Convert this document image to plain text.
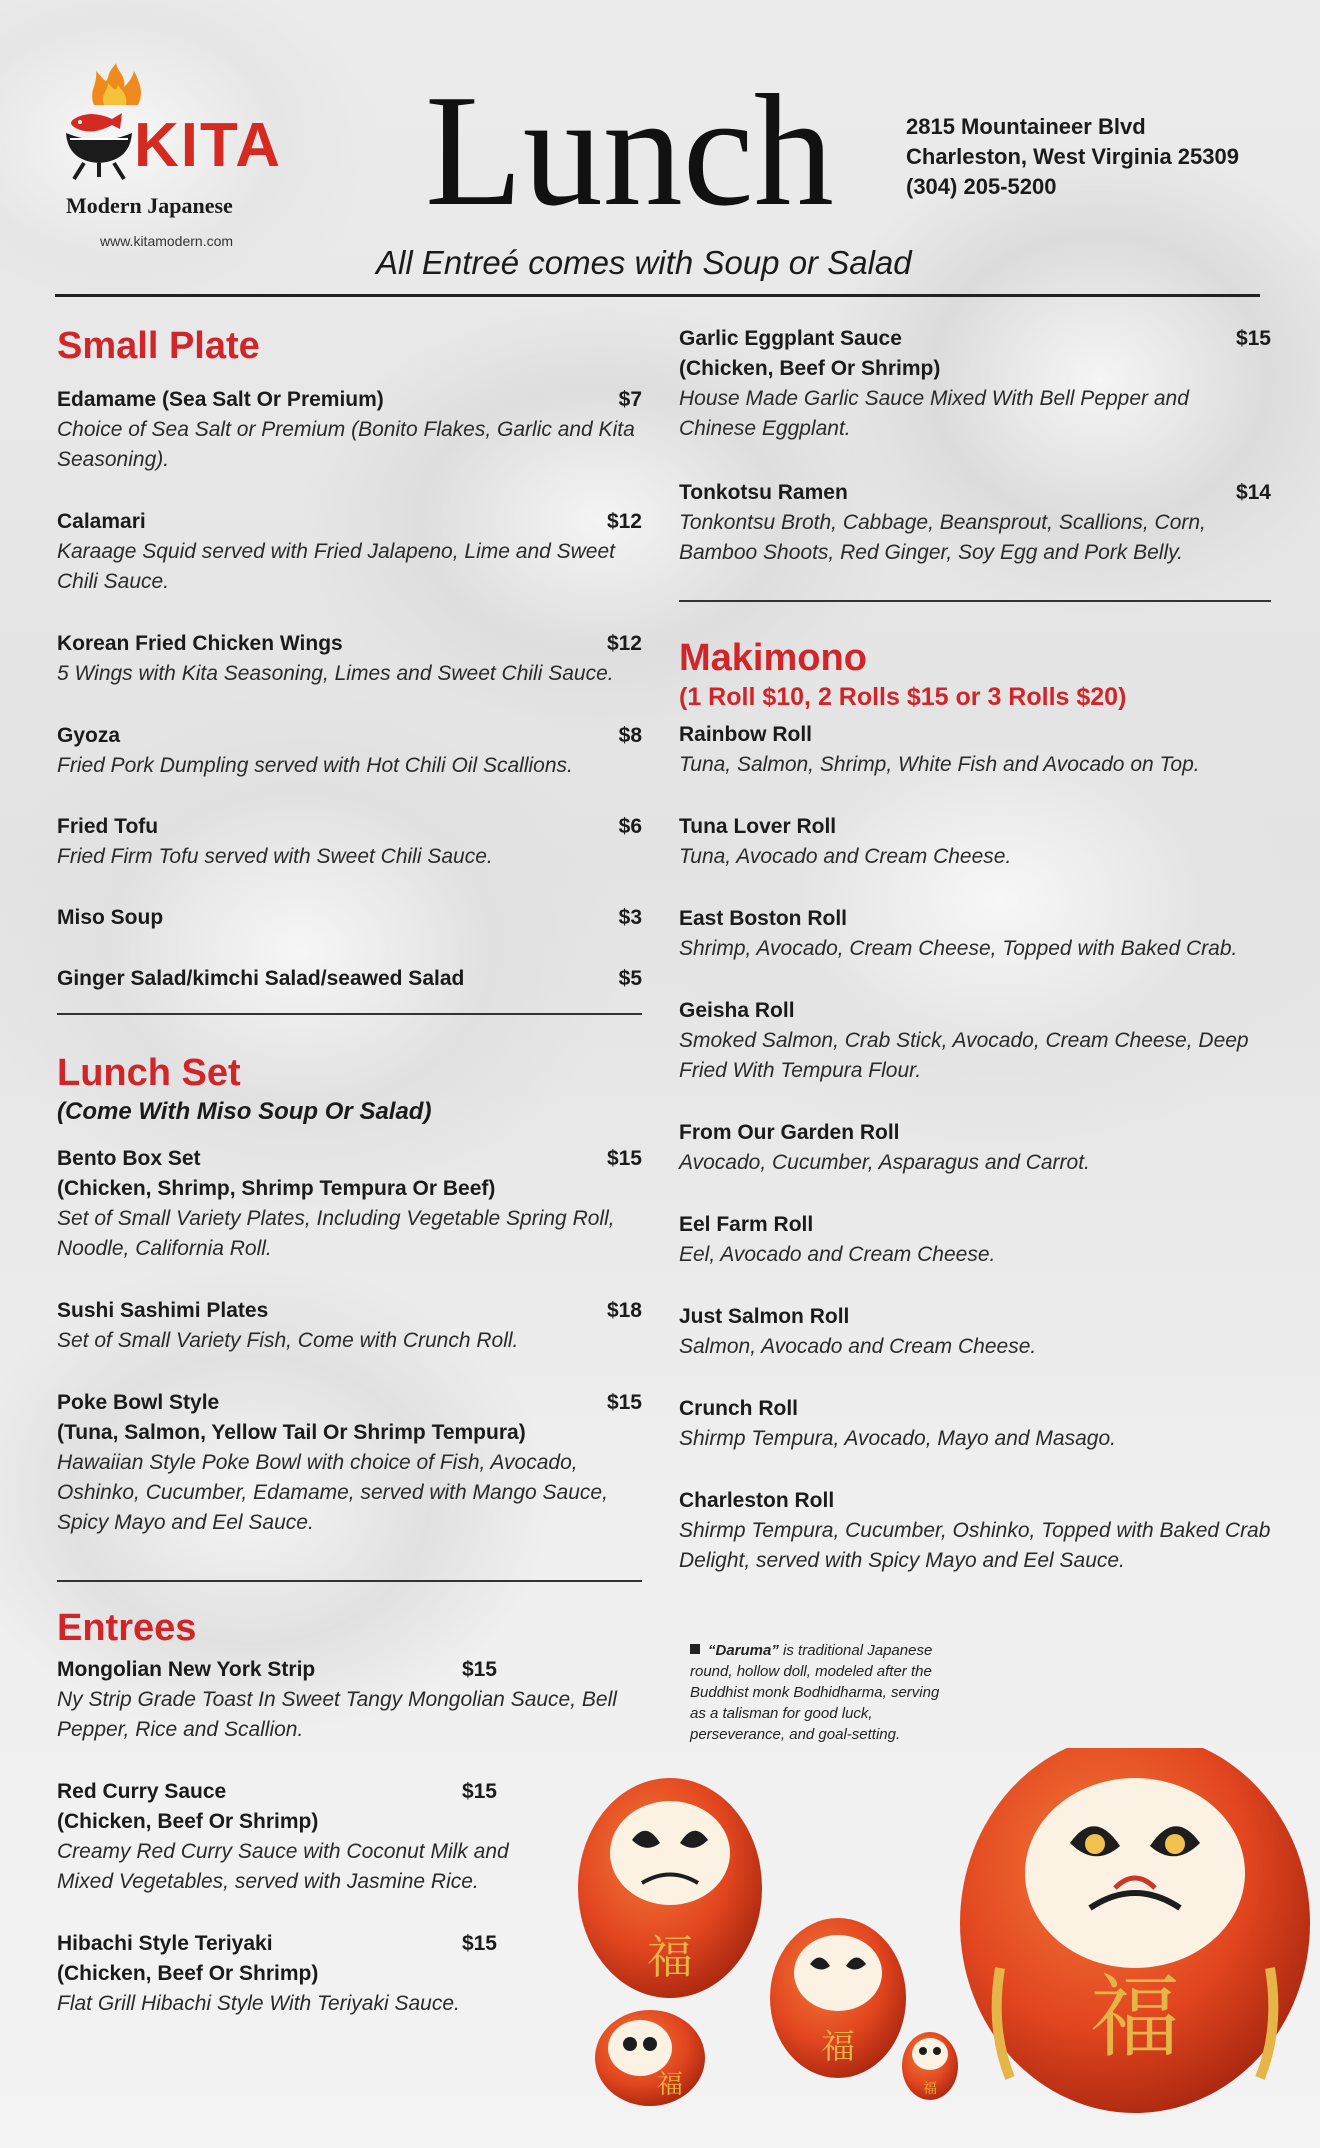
KITA
Modern Japanese
www.kitamodern.com
Lunch	2815 Mountaineer Blvd
Charleston, West Virginia 25309
(304) 205-5200
All Entreé comes with Soup or Salad
Small Plate
Edamame (Sea Salt Or Premium)	$7
Choice of Sea Salt or Premium (Bonito Flakes, Garlic and Kita Seasoning).
Calamari	$12
Karaage Squid served with Fried Jalapeno, Lime and Sweet Chili Sauce.
Korean Fried Chicken Wings	$12
5 Wings with Kita Seasoning, Limes and Sweet Chili Sauce.
Gyoza	$8
Fried Pork Dumpling served with Hot Chili Oil Scallions.
Fried Tofu	$6
Fried Firm Tofu served with Sweet Chili Sauce.
Miso Soup	$3
Ginger Salad/kimchi Salad/seawed Salad	$5
Lunch Set
(Come With Miso Soup Or Salad)
Bento Box Set	$15
(Chicken, Shrimp, Shrimp Tempura Or Beef)
Set of Small Variety Plates, Including Vegetable Spring Roll, Noodle, California Roll.
Sushi Sashimi Plates	$18
Set of Small Variety Fish, Come with Crunch Roll.
Poke Bowl Style	$15
(Tuna, Salmon, Yellow Tail Or Shrimp Tempura)
Hawaiian Style Poke Bowl with choice of Fish, Avocado, Oshinko, Cucumber, Edamame, served with Mango Sauce, Spicy Mayo and Eel Sauce.
Entrees
Mongolian New York Strip	$15
Ny Strip Grade Toast In Sweet Tangy Mongolian Sauce, Bell Pepper, Rice and Scallion.
Red Curry Sauce	$15
(Chicken, Beef Or Shrimp)
Creamy Red Curry Sauce with Coconut Milk and Mixed Vegetables, served with Jasmine Rice.
Hibachi Style Teriyaki	$15
(Chicken, Beef Or Shrimp)
Flat Grill Hibachi Style With Teriyaki Sauce.
Garlic Eggplant Sauce	$15
(Chicken, Beef Or Shrimp)
House Made Garlic Sauce Mixed With Bell Pepper and Chinese Eggplant.
Tonkotsu Ramen	$14
Tonkontsu Broth, Cabbage, Beansprout, Scallions, Corn, Bamboo Shoots, Red Ginger, Soy Egg and Pork Belly.
Makimono
(1 Roll $10, 2 Rolls $15 or 3 Rolls $20)
Rainbow Roll
Tuna, Salmon, Shrimp, White Fish and Avocado on Top.
Tuna Lover Roll
Tuna, Avocado and Cream Cheese.
East Boston Roll
Shrimp, Avocado, Cream Cheese, Topped with Baked Crab.
Geisha Roll
Smoked Salmon, Crab Stick, Avocado, Cream Cheese, Deep Fried With Tempura Flour.
From Our Garden Roll
Avocado, Cucumber, Asparagus and Carrot.
Eel Farm Roll
Eel, Avocado and Cream Cheese.
Just Salmon Roll
Salmon, Avocado and Cream Cheese.
Crunch Roll
Shirmp Tempura, Avocado, Mayo and Masago.
Charleston Roll
Shirmp Tempura, Cucumber, Oshinko, Topped with Baked Crab Delight, served with Spicy Mayo and Eel Sauce.
“Daruma” is traditional Japanese round, hollow doll, modeled after the Buddhist monk Bodhidharma, serving as a talisman for good luck, perseverance, and goal-setting.
福
福
福
福	福
